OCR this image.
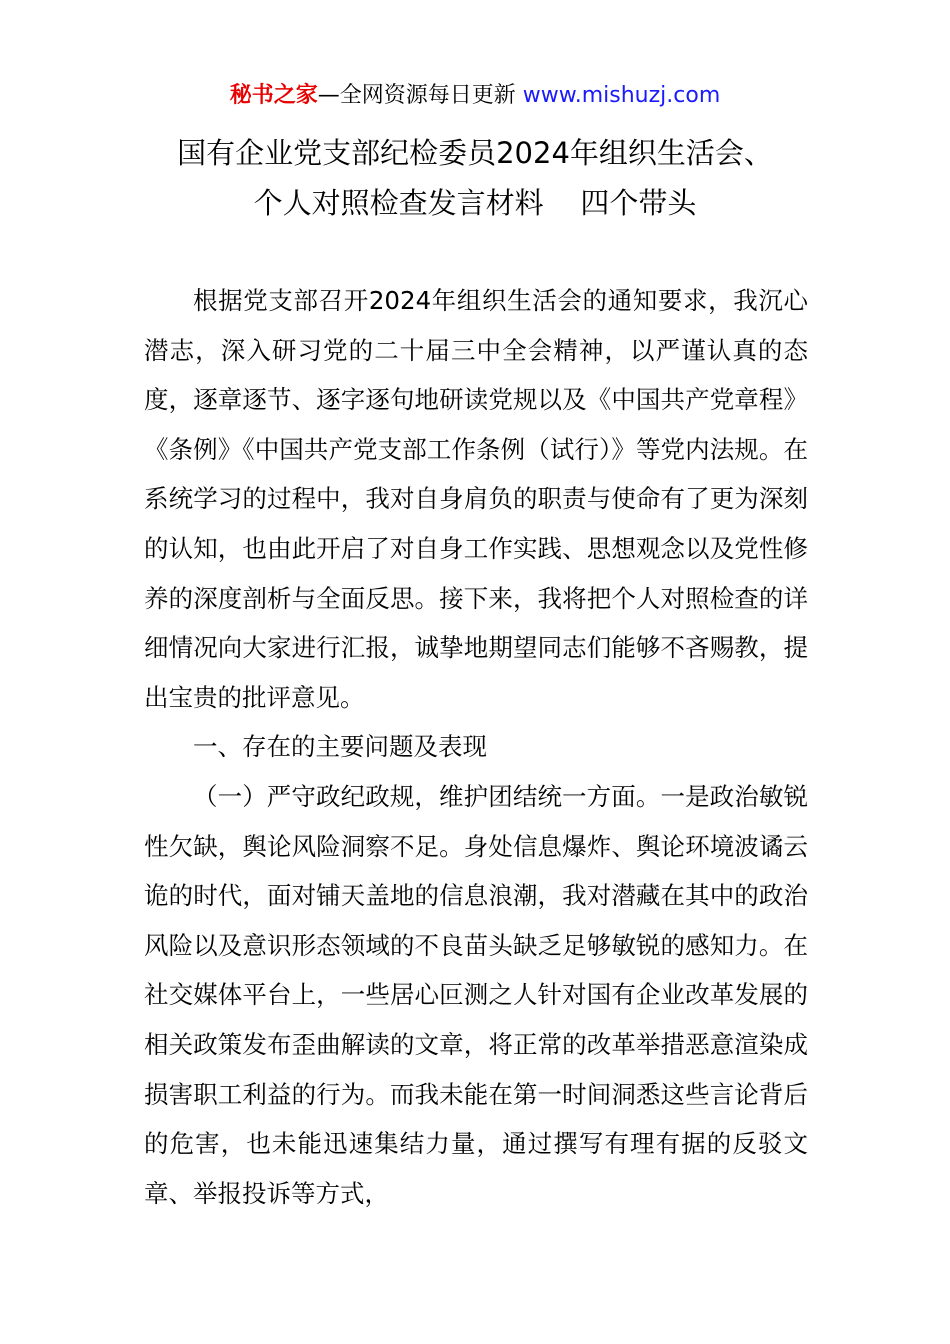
秘书之家—全网资源每日更新 www.mishuzj.com
国有企业党支部纪检委员2024年组织生活会、
个人对照检查发言材料    四个带头

根据党支部召开2024年组织生活会的通知要求，我沉心潜志，深入研习党的二十届三中全会精神，以严谨认真的态度，逐章逐节、逐字逐句地研读党规以及《中国共产党章程》《条例》《中国共产党支部工作条例（试行）》等党内法规。在系统学习的过程中，我对自身肩负的职责与使命有了更为深刻的认知，也由此开启了对自身工作实践、思想观念以及党性修养的深度剖析与全面反思。接下来，我将把个人对照检查的详细情况向大家进行汇报，诚挚地期望同志们能够不吝赐教，提出宝贵的批评意见。

一、存在的主要问题及表现

（一）严守政纪政规，维护团结统一方面。一是政治敏锐性欠缺，舆论风险洞察不足。身处信息爆炸、舆论环境波谲云诡的时代，面对铺天盖地的信息浪潮，我对潜藏在其中的政治风险以及意识形态领域的不良苗头缺乏足够敏锐的感知力。在社交媒体平台上，一些居心叵测之人针对国有企业改革发展的相关政策发布歪曲解读的文章，将正常的改革举措恶意渲染成损害职工利益的行为。而我未能在第一时间洞悉这些言论背后的危害，也未能迅速集结力量，通过撰写有理有据的反驳文章、举报投诉等方式，
